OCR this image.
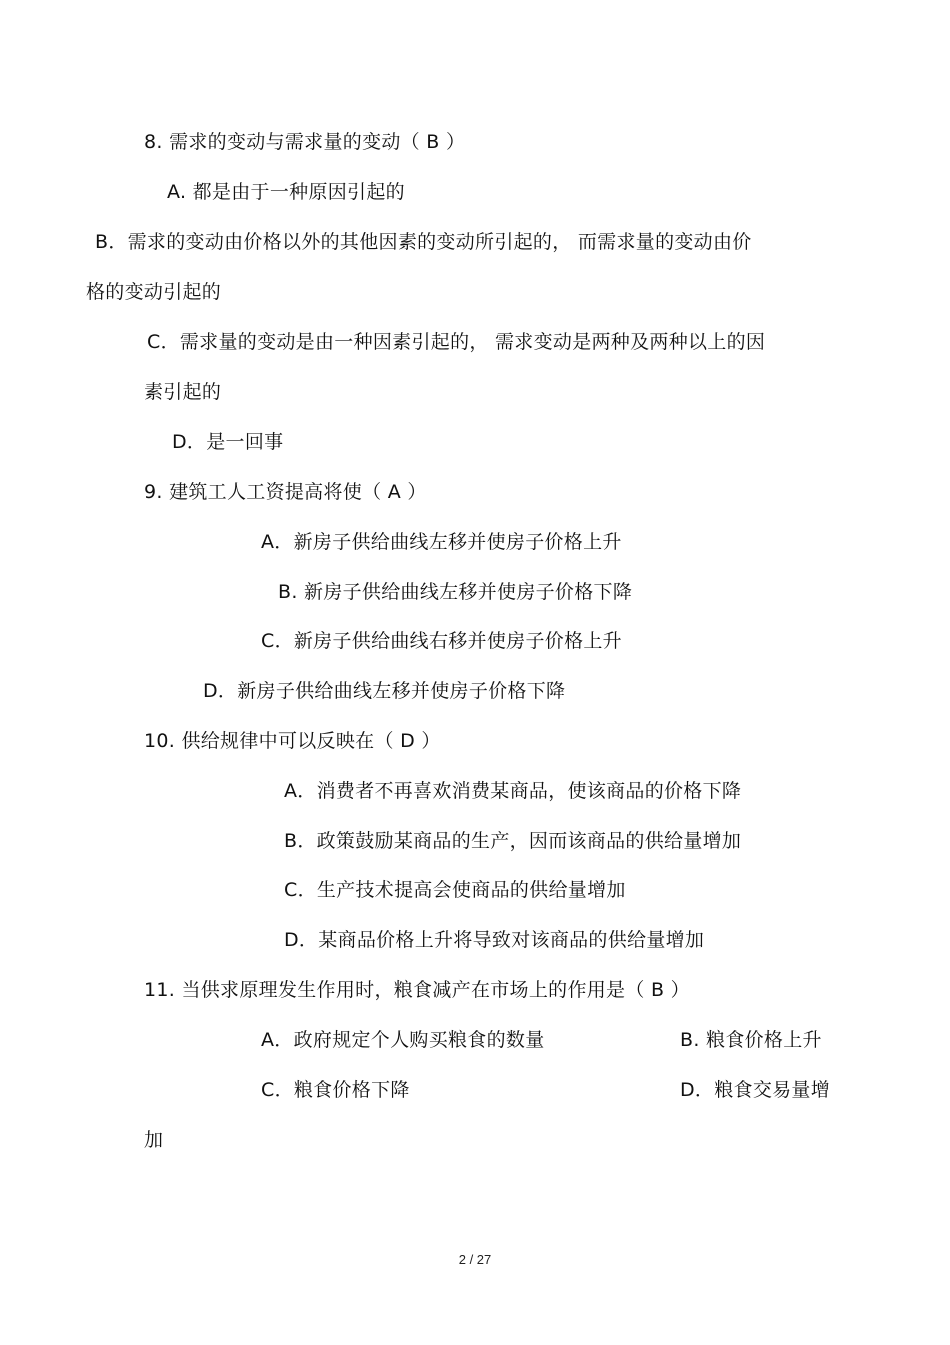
8. 需求的变动与需求量的变动（ B ）
A. 都是由于一种原因引起的
B．需求的变动由价格以外的其他因素的变动所引起的， 而需求量的变动由价
格的变动引起的
C．需求量的变动是由一种因素引起的， 需求变动是两种及两种以上的因
素引起的
D．是一回事
9. 建筑工人工资提高将使（ A ）
A．新房子供给曲线左移并使房子价格上升
B. 新房子供给曲线左移并使房子价格下降
C．新房子供给曲线右移并使房子价格上升
D．新房子供给曲线左移并使房子价格下降
10. 供给规律中可以反映在（ D ）
A．消费者不再喜欢消费某商品，使该商品的价格下降
B．政策鼓励某商品的生产，因而该商品的供给量增加
C．生产技术提高会使商品的供给量增加
D．某商品价格上升将导致对该商品的供给量增加
11. 当供求原理发生作用时，粮食减产在市场上的作用是（ B ）
A．政府规定个人购买粮食的数量	B. 粮食价格上升
C．粮食价格下降	D．粮食交易量增
加
2 / 27
